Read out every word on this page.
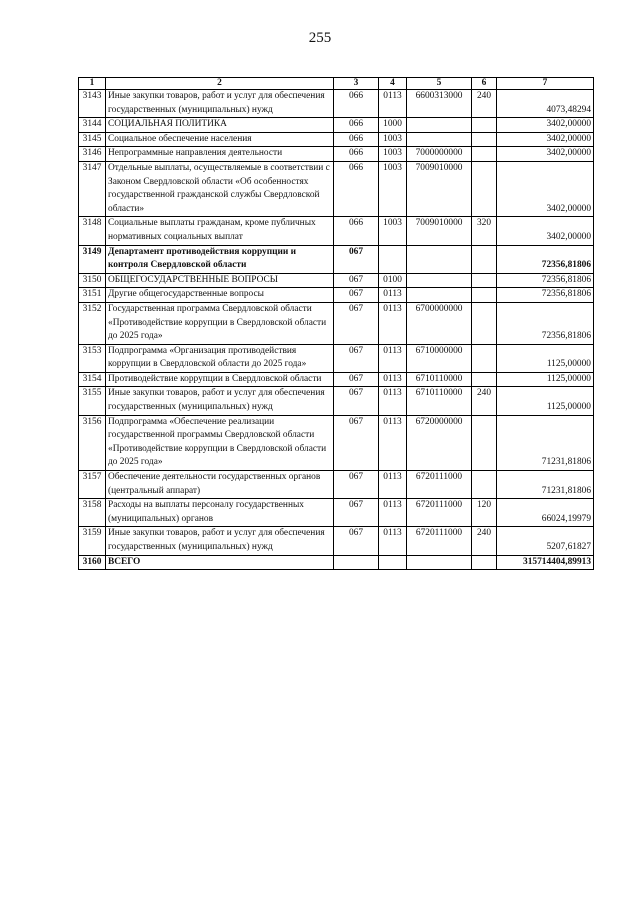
255
1	2	3	4	5	6	7
3143	Иные закупки товаров, работ и услуг для обеспечения государственных (муниципальных) нужд	066	0113	6600313000	240	4073,48294
3144	СОЦИАЛЬНАЯ ПОЛИТИКА	066	1000			3402,00000
3145	Социальное обеспечение населения	066	1003			3402,00000
3146	Непрограммные направления деятельности	066	1003	7000000000		3402,00000
3147	Отдельные выплаты, осуществляемые в соответствии с Законом Свердловской области «Об особенностях государственной гражданской службы Свердловской области»	066	1003	7009010000		3402,00000
3148	Социальные выплаты гражданам, кроме публичных нормативных социальных выплат	066	1003	7009010000	320	3402,00000
3149	Департамент противодействия коррупции и контроля Свердловской области	067				72356,81806
3150	ОБЩЕГОСУДАРСТВЕННЫЕ ВОПРОСЫ	067	0100			72356,81806
3151	Другие общегосударственные вопросы	067	0113			72356,81806
3152	Государственная программа Свердловской области «Противодействие коррупции в Свердловской области до 2025 года»	067	0113	6700000000		72356,81806
3153	Подпрограмма «Организация противодействия коррупции в Свердловской области до 2025 года»	067	0113	6710000000		1125,00000
3154	Противодействие коррупции в Свердловской области	067	0113	6710110000		1125,00000
3155	Иные закупки товаров, работ и услуг для обеспечения государственных (муниципальных) нужд	067	0113	6710110000	240	1125,00000
3156	Подпрограмма «Обеспечение реализации государственной программы Свердловской области «Противодействие коррупции в Свердловской области до 2025 года»	067	0113	6720000000		71231,81806
3157	Обеспечение деятельности государственных органов (центральный аппарат)	067	0113	6720111000		71231,81806
3158	Расходы на выплаты персоналу государственных (муниципальных) органов	067	0113	6720111000	120	66024,19979
3159	Иные закупки товаров, работ и услуг для обеспечения государственных (муниципальных) нужд	067	0113	6720111000	240	5207,61827
3160	ВСЕГО					315714404,89913
